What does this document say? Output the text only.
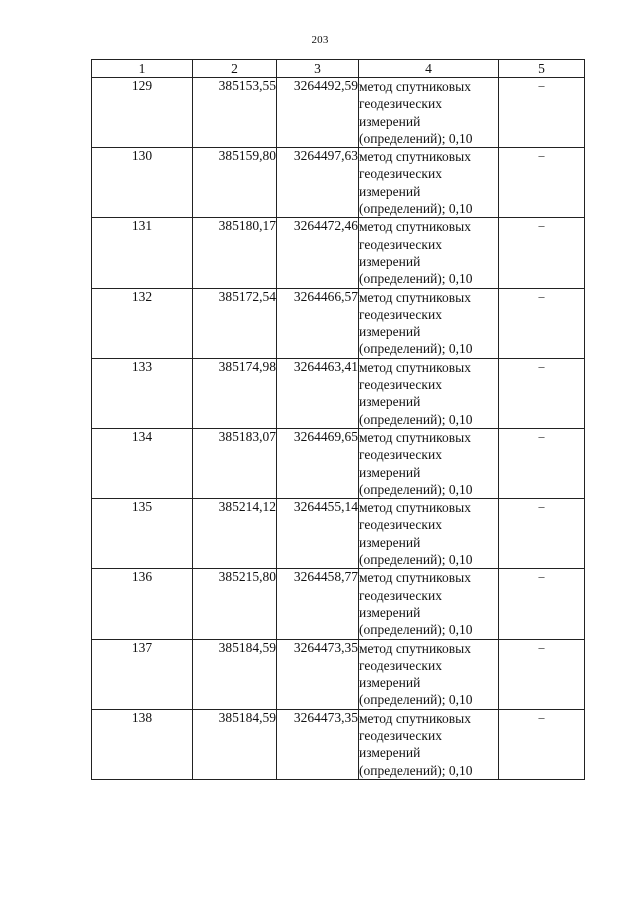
203
1	2	3	4	5
129	385153,55	3264492,59	метод спутниковых
геодезических
измерений
(определений); 0,10	–
130	385159,80	3264497,63	метод спутниковых
геодезических
измерений
(определений); 0,10	–
131	385180,17	3264472,46	метод спутниковых
геодезических
измерений
(определений); 0,10	–
132	385172,54	3264466,57	метод спутниковых
геодезических
измерений
(определений); 0,10	–
133	385174,98	3264463,41	метод спутниковых
геодезических
измерений
(определений); 0,10	–
134	385183,07	3264469,65	метод спутниковых
геодезических
измерений
(определений); 0,10	–
135	385214,12	3264455,14	метод спутниковых
геодезических
измерений
(определений); 0,10	–
136	385215,80	3264458,77	метод спутниковых
геодезических
измерений
(определений); 0,10	–
137	385184,59	3264473,35	метод спутниковых
геодезических
измерений
(определений); 0,10	–
138	385184,59	3264473,35	метод спутниковых
геодезических
измерений
(определений); 0,10	–
